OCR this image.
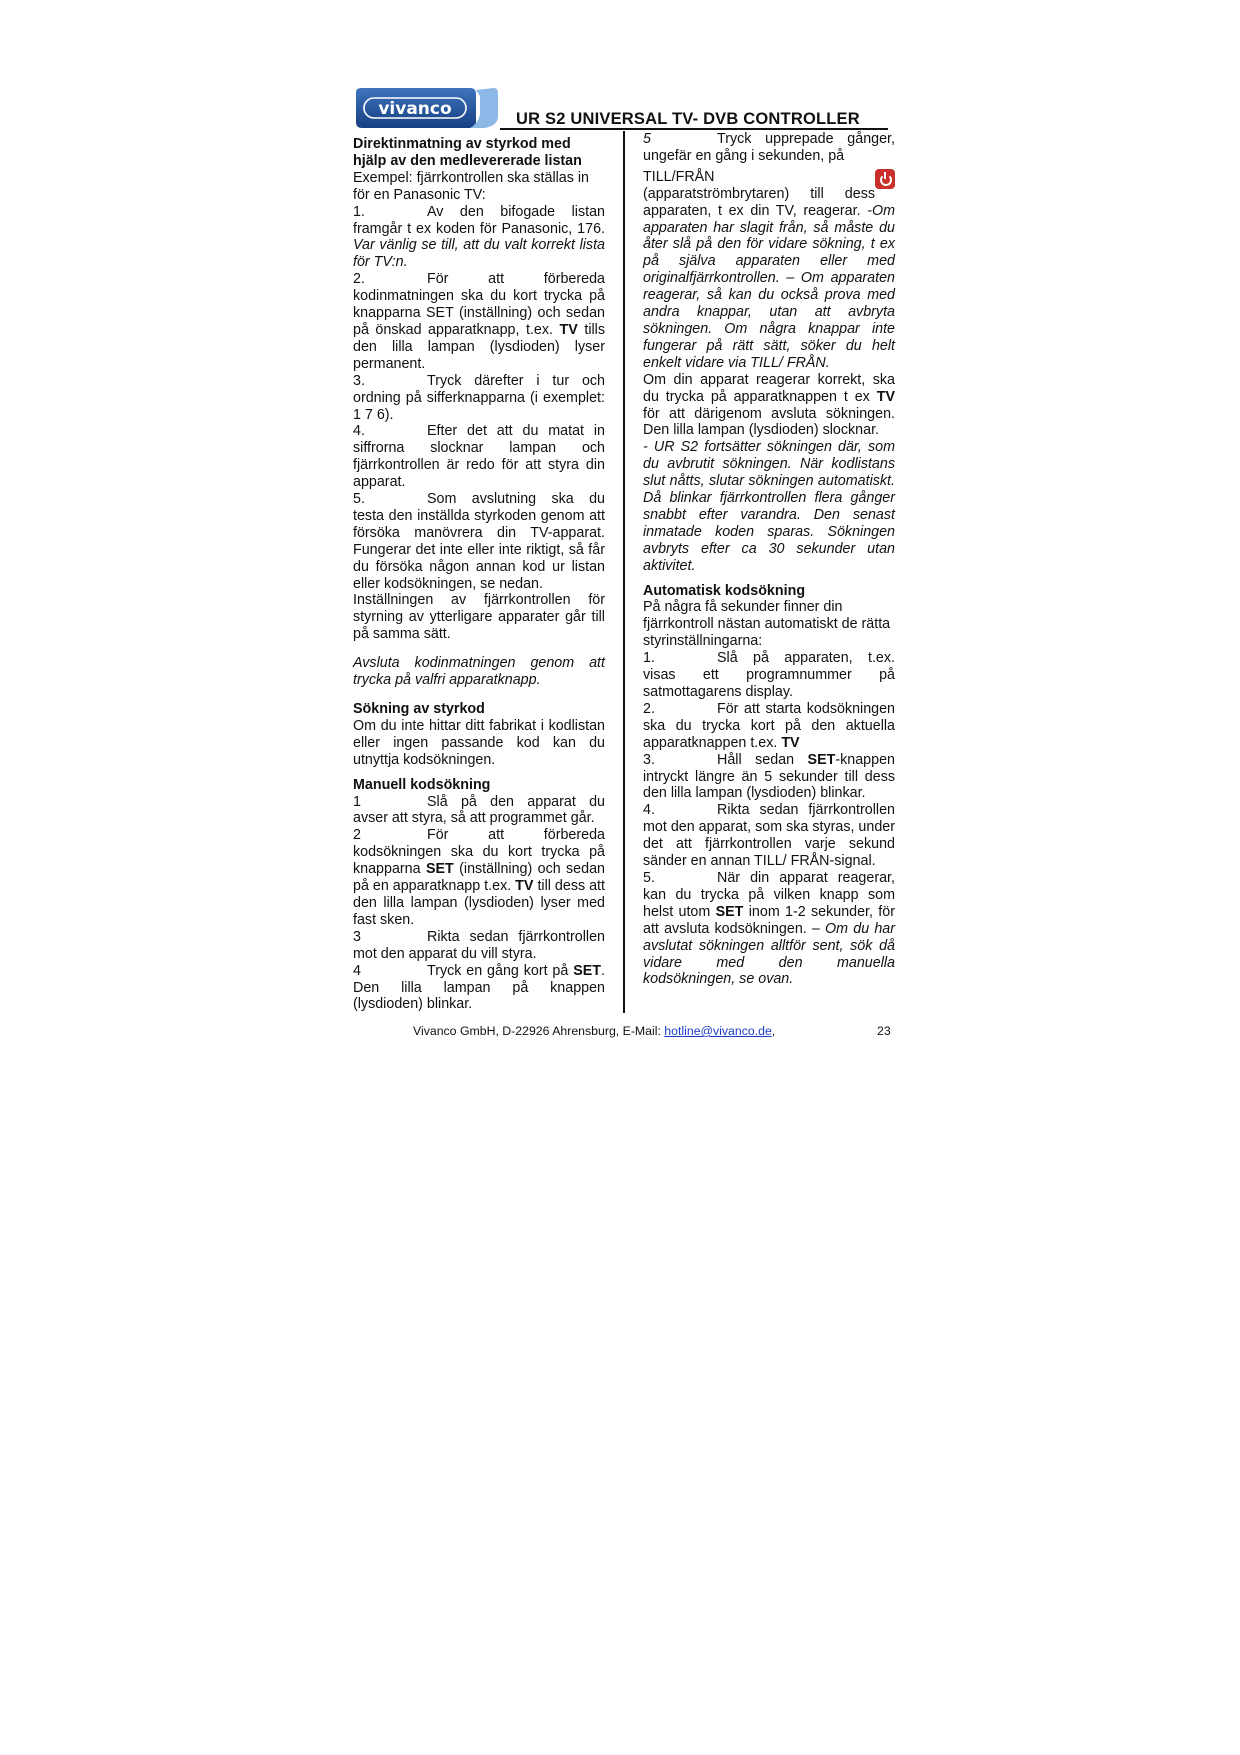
vivanco	UR S2 UNIVERSAL TV- DVB CONTROLLER

Direktinmatning av styrkod med hjälp av den medlevererade listan

Exempel: fjärrkontrollen ska ställas in för en Panasonic TV:

1.	Av den bifogade listan framgår t ex koden för Panasonic, 176. Var vänlig se till, att du valt korrekt lista för TV:n.

2.	För att förbereda kodinmatningen ska du kort trycka på knapparna SET (inställning) och sedan på önskad apparatknapp, t.ex. TV tills den lilla lampan (lysdioden) lyser permanent.

3.	Tryck därefter i tur och ordning på sifferknapparna (i exemplet: 1 7 6).

4.	Efter det att du matat in siffrorna slocknar lampan och fjärrkontrollen är redo för att styra din apparat.

5.	Som avslutning ska du testa den inställda styrkoden genom att försöka manövrera din TV-apparat. Fungerar det inte eller inte riktigt, så får du försöka någon annan kod ur listan eller kodsökningen, se nedan.

Inställningen av fjärrkontrollen för styrning av ytterligare apparater går till på samma sätt.

Avsluta kodinmatningen genom att trycka på valfri apparatknapp.

Sökning av styrkod

Om du inte hittar ditt fabrikat i kodlistan eller ingen passande kod kan du utnyttja kodsökningen.

Manuell kodsökning

1	Slå på den apparat du avser att styra, så att programmet går.

2	För att förbereda kodsökningen ska du kort trycka på knapparna SET (inställning) och sedan på en apparatknapp t.ex. TV till dess att den lilla lampan (lysdioden) lyser med fast sken.

3	Rikta sedan fjärrkontrollen mot den apparat du vill styra.

4	Tryck en gång kort på SET. Den lilla lampan på knappen (lysdioden) blinkar.

5	Tryck upprepade gånger, ungefär en gång i sekunden, på

TILL/FRÅN

(apparatströmbrytaren) till dess apparaten, t ex din TV, reagerar. -Om apparaten har slagit från, så måste du åter slå på den för vidare sökning, t ex på själva apparaten eller med originalfjärrkontrollen. – Om apparaten reagerar, så kan du också prova med andra knappar, utan att avbryta sökningen. Om några knappar inte fungerar på rätt sätt, söker du helt enkelt vidare via TILL/ FRÅN.

Om din apparat reagerar korrekt, ska du trycka på apparatknappen t ex TV för att därigenom avsluta sökningen. Den lilla lampan (lysdioden) slocknar.

- UR S2 fortsätter sökningen där, som du avbrutit sökningen. När kodlistans slut nåtts, slutar sökningen automatiskt. Då blinkar fjärrkontrollen flera gånger snabbt efter varandra. Den senast inmatade koden sparas. Sökningen avbryts efter ca 30 sekunder utan aktivitet.

Automatisk kodsökning

På några få sekunder finner din fjärrkontroll nästan automatiskt de rätta styrinställningarna:

1.	Slå på apparaten, t.ex. visas ett programnummer på satmottagarens display.

2.	För att starta kodsökningen ska du trycka kort på den aktuella apparatknappen t.ex. TV

3.	Håll sedan SET-knappen intryckt längre än 5 sekunder till dess den lilla lampan (lysdioden) blinkar.

4.	Rikta sedan fjärrkontrollen mot den apparat, som ska styras, under det att fjärrkontrollen varje sekund sänder en annan TILL/ FRÅN-signal.

5.	När din apparat reagerar, kan du trycka på vilken knapp som helst utom SET inom 1-2 sekunder, för att avsluta kodsökningen. – Om du har avslutat sökningen alltför sent, sök då vidare med den manuella kodsökningen, se ovan.

Vivanco GmbH, D-22926 Ahrensburg, E-Mail: hotline@vivanco.de,	23
